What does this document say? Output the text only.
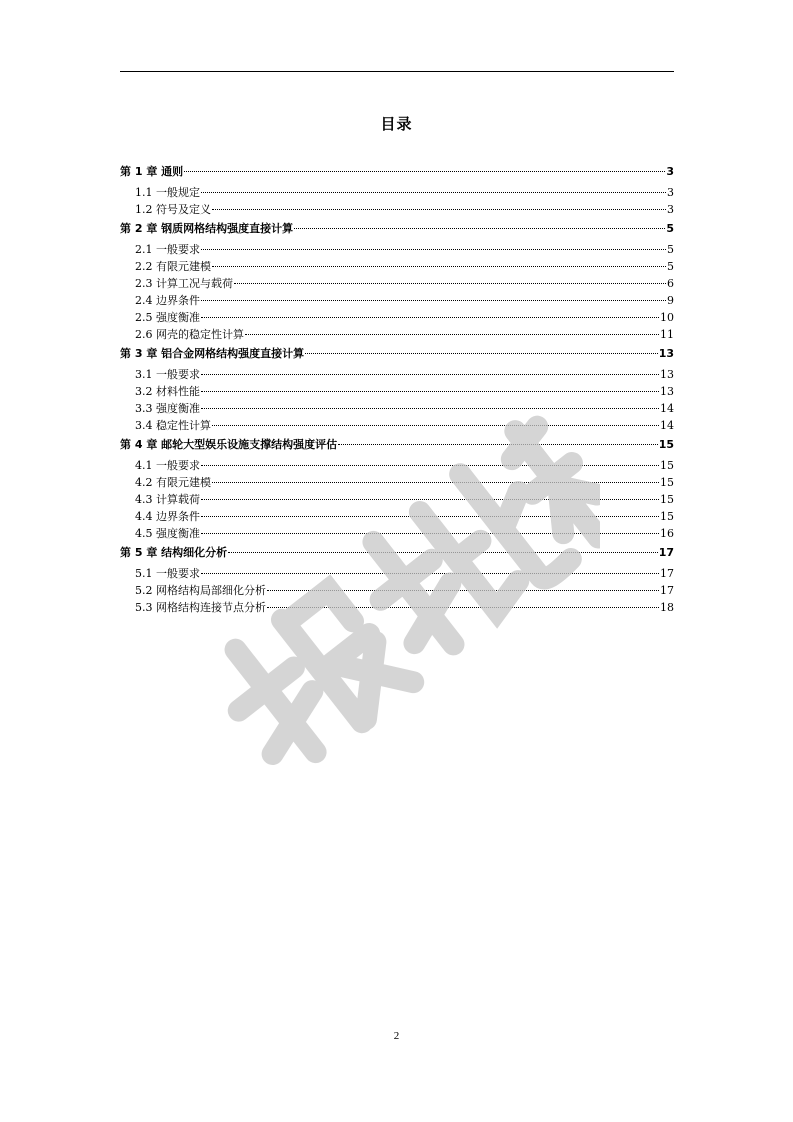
目录
第 1 章 通则	3
1.1 一般规定	3
1.2 符号及定义	3
第 2 章 钢质网格结构强度直接计算	5
2.1 一般要求	5
2.2 有限元建模	5
2.3 计算工况与载荷	6
2.4 边界条件	9
2.5 强度衡准	10
2.6 网壳的稳定性计算	11
第 3 章 铝合金网格结构强度直接计算	13
3.1 一般要求	13
3.2 材料性能	13
3.3 强度衡准	14
3.4 稳定性计算	14
第 4 章 邮轮大型娱乐设施支撑结构强度评估	15
4.1 一般要求	15
4.2 有限元建模	15
4.3 计算载荷	15
4.4 边界条件	15
4.5 强度衡准	16
第 5 章 结构细化分析	17
5.1 一般要求	17
5.2 网格结构局部细化分析	17
5.3 网格结构连接节点分析	18
2
